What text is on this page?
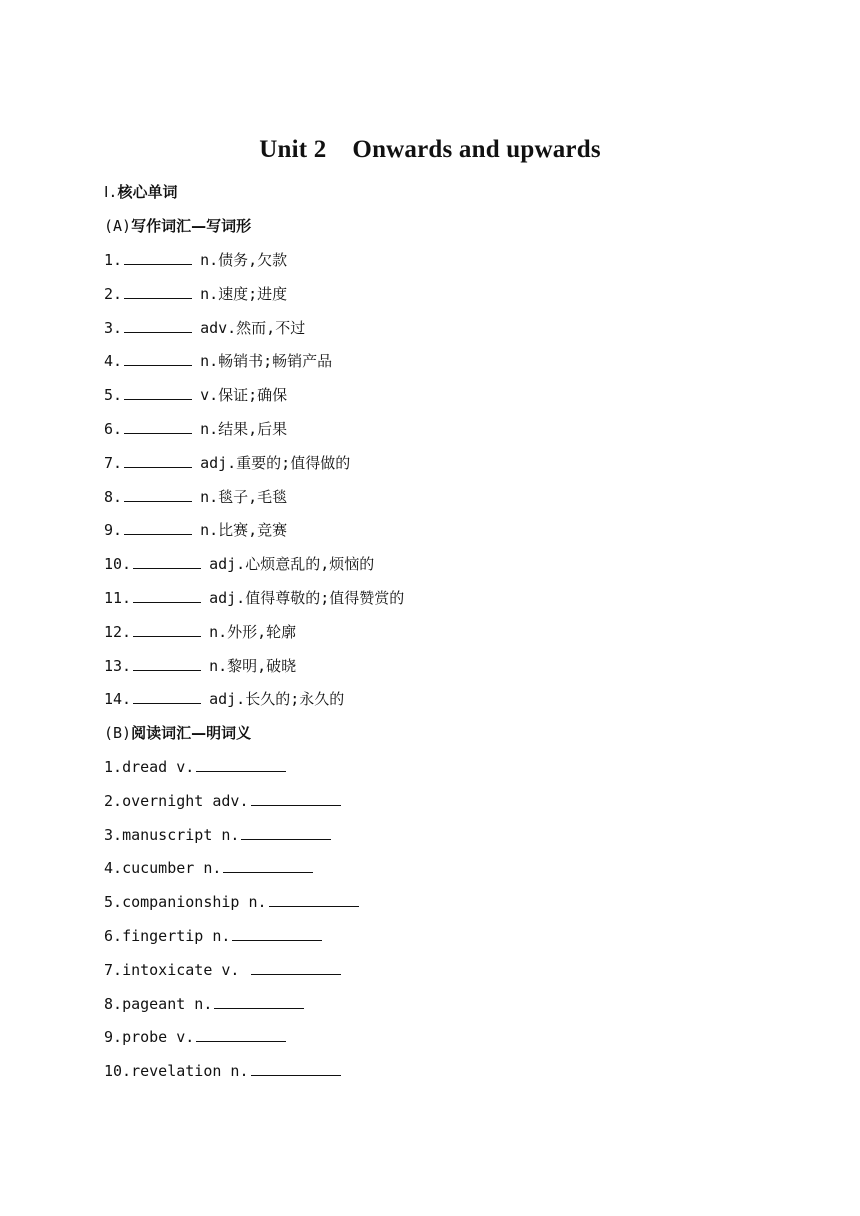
Unit 2 Onwards and upwards
Ⅰ.核心单词
(A)写作词汇—写词形
1.	n.债务,欠款
2.	n.速度;进度
3.	adv.然而,不过
4.	n.畅销书;畅销产品
5.	v.保证;确保
6.	n.结果,后果
7.	adj.重要的;值得做的
8.	n.毯子,毛毯
9.	n.比赛,竞赛
10.	adj.心烦意乱的,烦恼的
11.	adj.值得尊敬的;值得赞赏的
12.	n.外形,轮廓
13.	n.黎明,破晓
14.	adj.长久的;永久的
(B)阅读词汇—明词义
1.dread v.
2.overnight adv.
3.manuscript n.
4.cucumber n.
5.companionship n.
6.fingertip n.
7.intoxicate v.
8.pageant n.
9.probe v.
10.revelation n.
